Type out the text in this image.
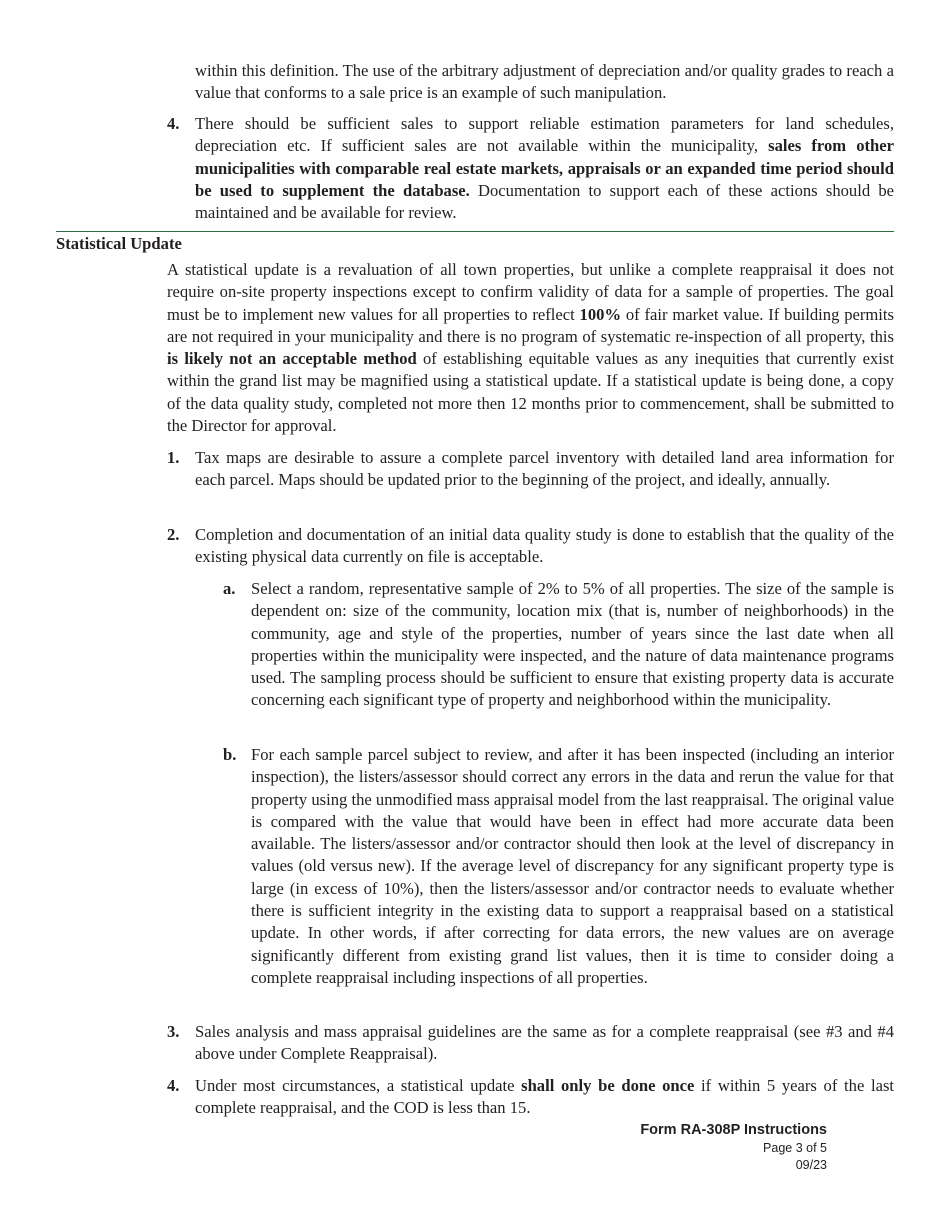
within this definition. The use of the arbitrary adjustment of depreciation and/or quality grades to reach a value that conforms to a sale price is an example of such manipulation.

4. There should be sufficient sales to support reliable estimation parameters for land schedules, depreciation etc. If sufficient sales are not available within the municipality, sales from other municipalities with comparable real estate markets, appraisals or an expanded time period should be used to supplement the database. Documentation to support each of these actions should be maintained and be available for review.
Statistical Update

A statistical update is a revaluation of all town properties, but unlike a complete reappraisal it does not require on-site property inspections except to confirm validity of data for a sample of properties. The goal must be to implement new values for all properties to reflect 100% of fair market value. If building permits are not required in your municipality and there is no program of systematic re-inspection of all property, this is likely not an acceptable method of establishing equitable values as any inequities that currently exist within the grand list may be magnified using a statistical update. If a statistical update is being done, a copy of the data quality study, completed not more then 12 months prior to commencement, shall be submitted to the Director for approval.

1. Tax maps are desirable to assure a complete parcel inventory with detailed land area information for each parcel. Maps should be updated prior to the beginning of the project, and ideally, annually.
2. Completion and documentation of an initial data quality study is done to establish that the quality of the existing physical data currently on file is acceptable.
a. Select a random, representative sample of 2% to 5% of all properties. The size of the sample is dependent on: size of the community, location mix (that is, number of neighborhoods) in the community, age and style of the properties, number of years since the last date when all properties within the municipality were inspected, and the nature of data maintenance programs used. The sampling process should be sufficient to ensure that existing property data is accurate concerning each significant type of property and neighborhood within the municipality.
b. For each sample parcel subject to review, and after it has been inspected (including an interior inspection), the listers/assessor should correct any errors in the data and rerun the value for that property using the unmodified mass appraisal model from the last reappraisal. The original value is compared with the value that would have been in effect had more accurate data been available. The listers/assessor and/or contractor should then look at the level of discrepancy in values (old versus new). If the average level of discrepancy for any significant property type is large (in excess of 10%), then the listers/assessor and/or contractor needs to evaluate whether there is sufficient integrity in the existing data to support a reappraisal based on a statistical update. In other words, if after correcting for data errors, the new values are on average significantly different from existing grand list values, then it is time to consider doing a complete reappraisal including inspections of all properties.
3. Sales analysis and mass appraisal guidelines are the same as for a complete reappraisal (see #3 and #4 above under Complete Reappraisal).
4. Under most circumstances, a statistical update shall only be done once if within 5 years of the last complete reappraisal, and the COD is less than 15.
Form RA-308P Instructions
Page 3 of 5
09/23
